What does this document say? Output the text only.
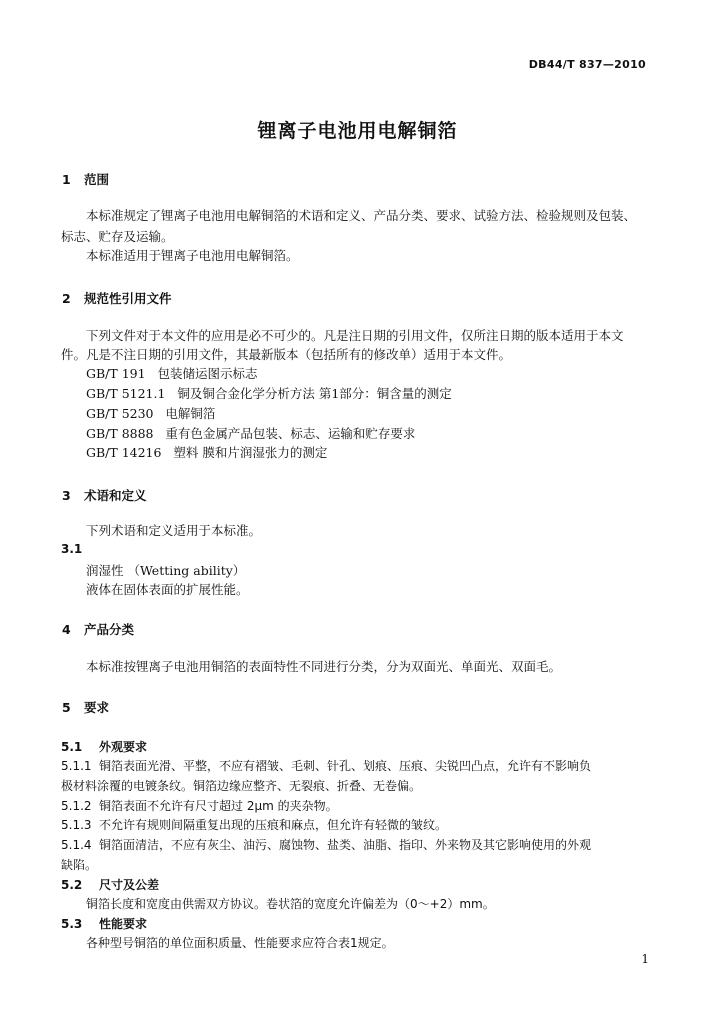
DB44/T 837—2010
锂离子电池用电解铜箔
1 范围
本标准规定了锂离子电池用电解铜箔的术语和定义、产品分类、要求、试验方法、检验规则及包装、
标志、贮存及运输。
本标准适用于锂离子电池用电解铜箔。
2 规范性引用文件
下列文件对于本文件的应用是必不可少的。凡是注日期的引用文件，仅所注日期的版本适用于本文
件。凡是不注日期的引用文件，其最新版本（包括所有的修改单）适用于本文件。
GB/T 191   包装储运图示标志
GB/T 5121.1   铜及铜合金化学分析方法 第1部分：铜含量的测定
GB/T 5230   电解铜箔
GB/T 8888   重有色金属产品包装、标志、运输和贮存要求
GB/T 14216   塑料 膜和片润湿张力的测定
3 术语和定义
下列术语和定义适用于本标准。
3.1
润湿性 （Wetting ability）
液体在固体表面的扩展性能。
4 产品分类
本标准按锂离子电池用铜箔的表面特性不同进行分类，分为双面光、单面光、双面毛。
5 要求
5.1 外观要求
5.1.1 铜箔表面光滑、平整，不应有褶皱、毛刺、针孔、划痕、压痕、尖锐凹凸点，允许有不影响负
极材料涂覆的电镀条纹。铜箔边缘应整齐、无裂痕、折叠、无卷偏。
5.1.2 铜箔表面不允许有尺寸超过 2μm 的夹杂物。
5.1.3 不允许有规则间隔重复出现的压痕和麻点，但允许有轻微的皱纹。
5.1.4 铜箔面清洁，不应有灰尘、油污、腐蚀物、盐类、油脂、指印、外来物及其它影响使用的外观
缺陷。
5.2 尺寸及公差
铜箔长度和宽度由供需双方协议。卷状箔的宽度允许偏差为（0～+2）mm。
5.3 性能要求
各种型号铜箔的单位面积质量、性能要求应符合表1规定。
1
